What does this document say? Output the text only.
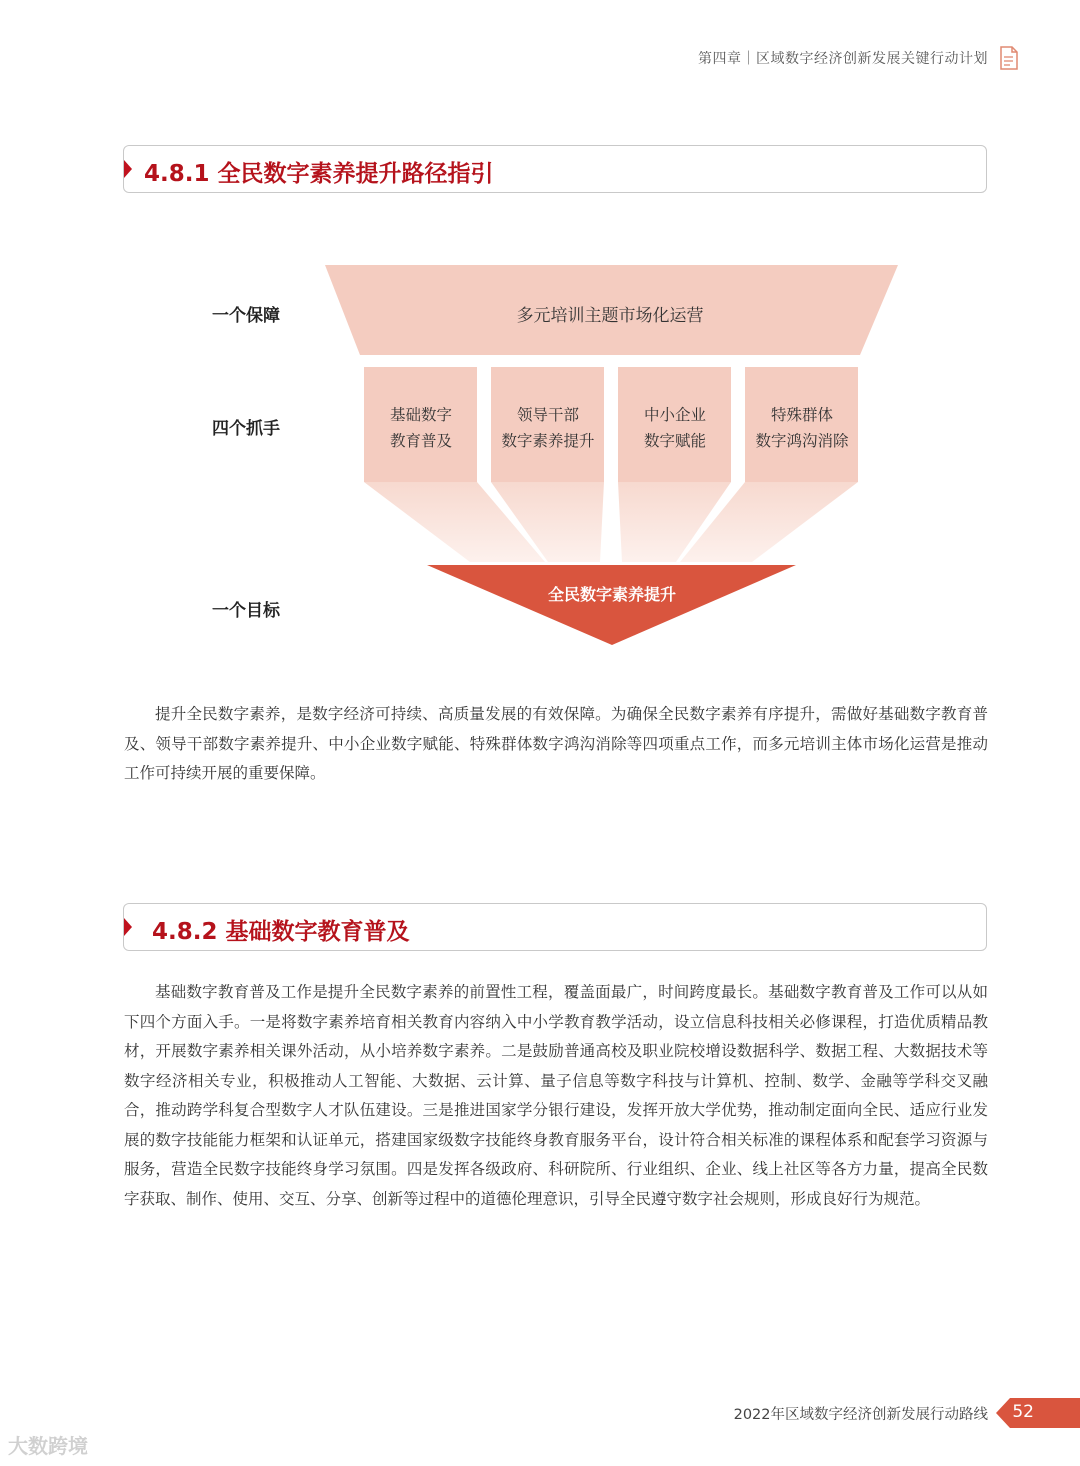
第四章｜区域数字经济创新发展关键行动计划
4.8.1 全民数字素养提升路径指引
一个保障	多元培训主题市场化运营
四个抓手
基础数字
教育普及
领导干部
数字素养提升
中小企业
数字赋能
特殊群体
数字鸿沟消除
一个目标
全民数字素养提升

提升全民数字素养，是数字经济可持续、高质量发展的有效保障。为确保全民数字素养有序提升，需做好基础数字教育普及、领导干部数字素养提升、中小企业数字赋能、特殊群体数字鸿沟消除等四项重点工作，而多元培训主体市场化运营是推动工作可持续开展的重要保障。

4.8.2 基础数字教育普及

基础数字教育普及工作是提升全民数字素养的前置性工程，覆盖面最广，时间跨度最长。基础数字教育普及工作可以从如下四个方面入手。一是将数字素养培育相关教育内容纳入中小学教育教学活动，设立信息科技相关必修课程，打造优质精品教材，开展数字素养相关课外活动，从小培养数字素养。二是鼓励普通高校及职业院校增设数据科学、数据工程、大数据技术等数字经济相关专业，积极推动人工智能、大数据、云计算、量子信息等数字科技与计算机、控制、数学、金融等学科交叉融合，推动跨学科复合型数字人才队伍建设。三是推进国家学分银行建设，发挥开放大学优势，推动制定面向全民、适应行业发展的数字技能能力框架和认证单元，搭建国家级数字技能终身教育服务平台，设计符合相关标准的课程体系和配套学习资源与服务，营造全民数字技能终身学习氛围。四是发挥各级政府、科研院所、行业组织、企业、线上社区等各方力量，提高全民数字获取、制作、使用、交互、分享、创新等过程中的道德伦理意识，引导全民遵守数字社会规则，形成良好行为规范。

2022年区域数字经济创新发展行动路线 52
大数跨境
